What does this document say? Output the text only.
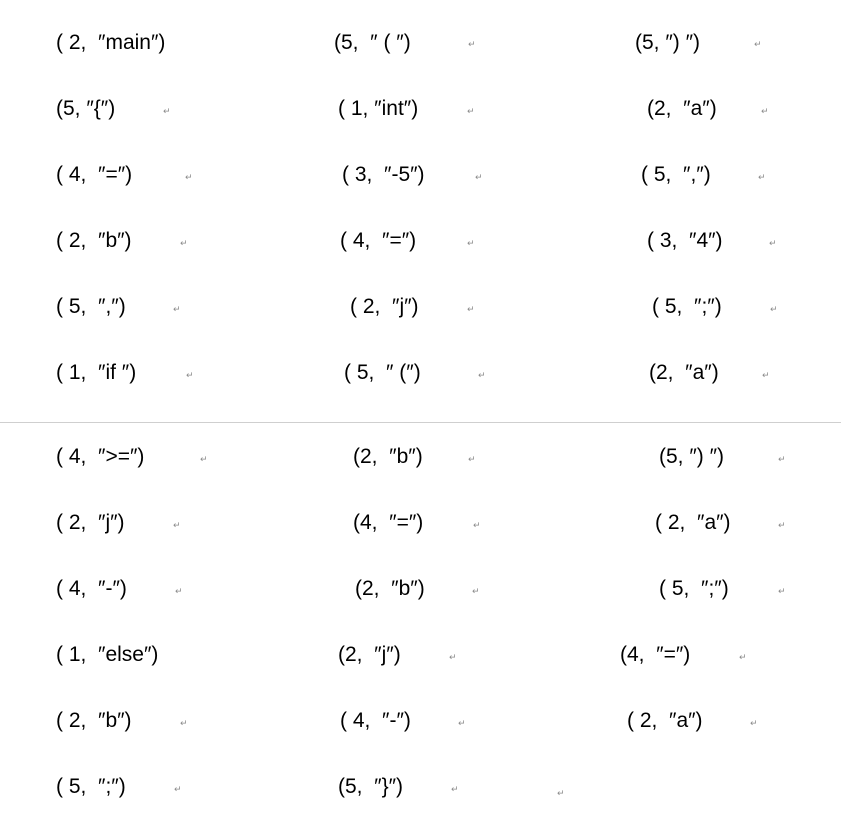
( 2,  ″main″)	(5,  ″ ( ″)	↵	(5, ″) ″)	↵
(5, ″{″)	↵	( 1, ″int″)	↵	(2,  ″a″)	↵
( 4,  ″=″)	↵	( 3,  ″-5″)	↵	( 5,  ″,″)	↵
( 2,  ″b″)	↵	( 4,  ″=″)	↵	( 3,  ″4″)	↵
( 5,  ″,″)	↵	( 2,  ″j″)	↵	( 5,  ″;″)	↵
( 1,  ″if ″)	↵	( 5,  ″ (″)	↵	(2,  ″a″)	↵
( 4,  ″>=″)	↵	(2,  ″b″)	↵	(5, ″) ″)	↵
( 2,  ″j″)	↵	(4,  ″=″)	↵	( 2,  ″a″)	↵
( 4,  ″-″)	↵	(2,  ″b″)	↵	( 5,  ″;″)	↵
( 1,  ″else″)	(2,  ″j″)	↵	(4,  ″=″)	↵
( 2,  ″b″)	↵	( 4,  ″-″)	↵	( 2,  ″a″)	↵
( 5,  ″;″)	↵	(5,  ″}″)	↵	↵
